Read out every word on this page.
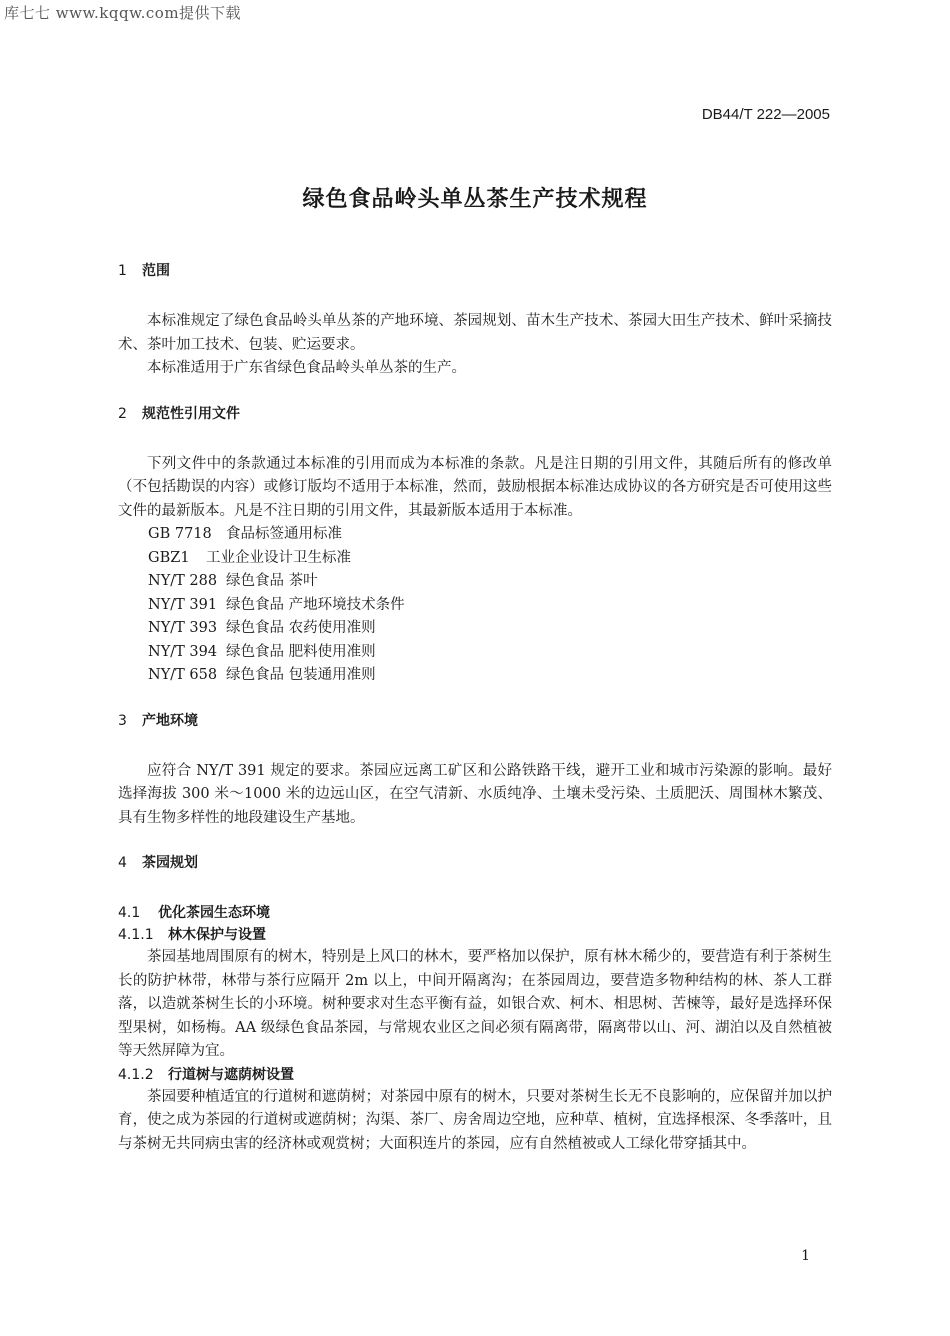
库七七 www.kqqw.com提供下载
DB44/T 222—2005
绿色食品岭头单丛茶生产技术规程
1 范围

本标准规定了绿色食品岭头单丛茶的产地环境、茶园规划、苗木生产技术、茶园大田生产技术、鲜叶采摘技术、茶叶加工技术、包装、贮运要求。

本标准适用于广东省绿色食品岭头单丛茶的生产。

2 规范性引用文件

下列文件中的条款通过本标准的引用而成为本标准的条款。凡是注日期的引用文件，其随后所有的修改单（不包括勘误的内容）或修订版均不适用于本标准，然而，鼓励根据本标准达成协议的各方研究是否可使用这些文件的最新版本。凡是不注日期的引用文件，其最新版本适用于本标准。

GB 7718 食品标签通用标准
GBZ1 工业企业设计卫生标准
NY/T 288 绿色食品 茶叶
NY/T 391 绿色食品 产地环境技术条件
NY/T 393 绿色食品 农药使用准则
NY/T 394 绿色食品 肥料使用准则
NY/T 658 绿色食品 包装通用准则
3 产地环境

应符合 NY/T 391 规定的要求。茶园应远离工矿区和公路铁路干线，避开工业和城市污染源的影响。最好选择海拔 300 米～1000 米的边远山区，在空气清新、水质纯净、土壤未受污染、土质肥沃、周围林木繁茂、具有生物多样性的地段建设生产基地。

4 茶园规划
4.1 优化茶园生态环境
4.1.1 林木保护与设置

茶园基地周围原有的树木，特别是上风口的林木，要严格加以保护，原有林木稀少的，要营造有利于茶树生长的防护林带，林带与茶行应隔开 2m 以上，中间开隔离沟；在茶园周边，要营造多物种结构的林、茶人工群落，以造就茶树生长的小环境。树种要求对生态平衡有益，如银合欢、柯木、相思树、苦楝等，最好是选择环保型果树，如杨梅。AA 级绿色食品茶园，与常规农业区之间必须有隔离带，隔离带以山、河、湖泊以及自然植被等天然屏障为宜。

4.1.2 行道树与遮荫树设置

茶园要种植适宜的行道树和遮荫树；对茶园中原有的树木，只要对茶树生长无不良影响的，应保留并加以护育，使之成为茶园的行道树或遮荫树；沟渠、茶厂、房舍周边空地，应种草、植树，宜选择根深、冬季落叶，且与茶树无共同病虫害的经济林或观赏树；大面积连片的茶园，应有自然植被或人工绿化带穿插其中。

1
